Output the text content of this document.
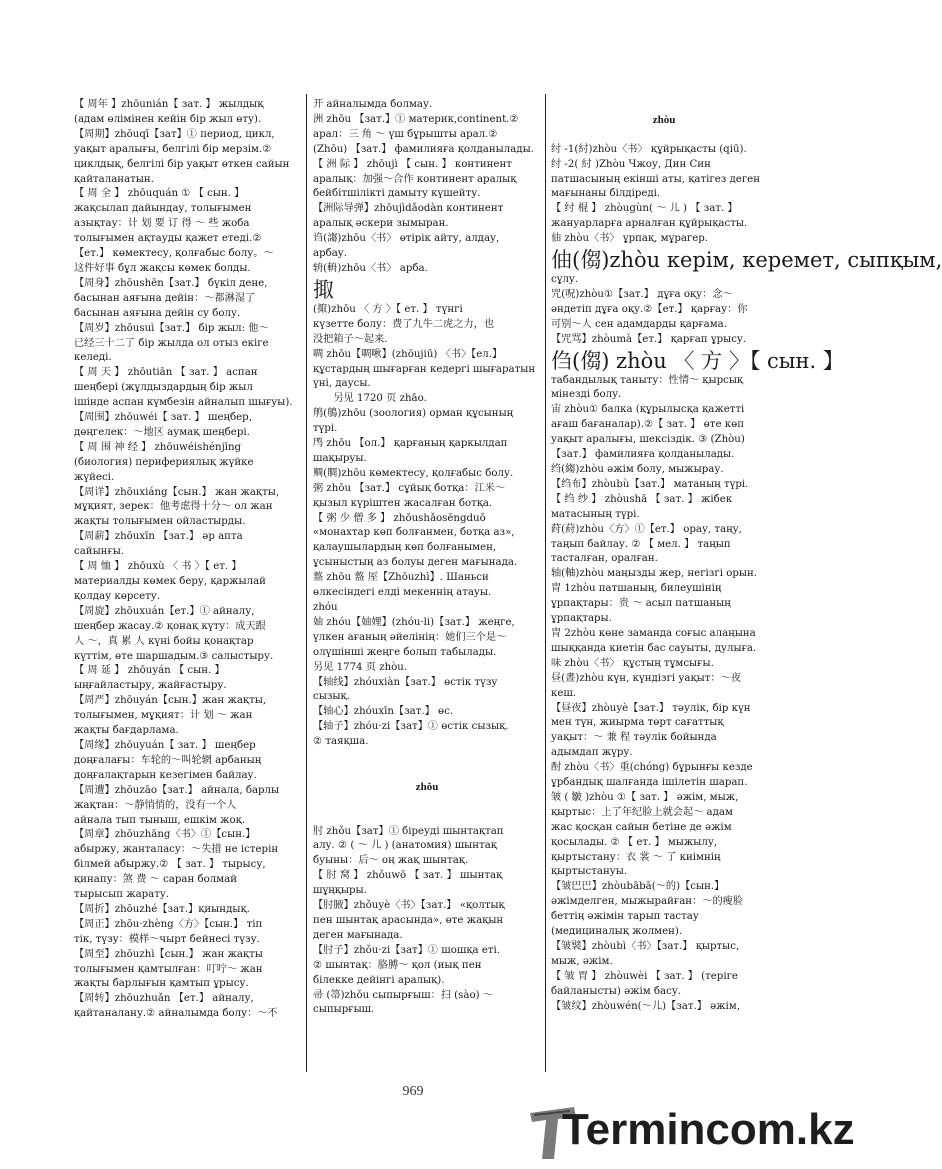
【 周年 】zhōunián【 зат. 】 жылдық
(адам өлімінен кейін бір жыл өту).
【周期】zhōuqī【зат】① период, цикл,
уақыт аралығы, белгілі бір мерзім.②
циклдық, белгілі бір уақыт өткен сайын
қайталанатын.
【 周 全 】 zhōuquán ① 【 сын. 】
жақсылап дайындау, толығымен
азықтау：计 划 要 订 得 ～ 些 жоба
толығымен ақтауды қажет етеді.②
【ет.】 көмектесу, қолғабыс болу。～
这件好事 бұл жақсы көмек болды.
【周身】zhōushēn【зат.】 бүкіл дене,
басынан аяғына дейін：～都淋湿了
басынан аяғына дейін су болу.
【周岁】zhōusuì【зат.】 бір жыл: 他～
已经三十二了 бір жылда ол отыз екіге
келеді.
【 周 天 】 zhōutiān 【 зат. 】 аспан
шеңбері (жұлдыздардың бір жыл
ішінде аспан күмбезін айналып шығуы).
【周围】zhōuwéi【 зат. 】 шеңбер,
дөңгелек：～地区 аумақ шеңбері.
【 周 围 神 经 】 zhōuwéishénjīng
(биология) перифериялық жүйке
жүйесі.
【周详】zhōuxiáng【сын.】 жан жақты,
мұқият, зерек：他考虑得十分～ ол жан
жақты толығымен ойластырды.
【周薪】zhōuxīn 【зат.】 әр апта
сайынғы.
【 周 恤 】 zhōuxù 〈 书 〉【 ет. 】
материалды көмек беру, қаржылай
қолдау көрсету.
【周旋】zhōuxuán【ет.】① айналу,
шеңбер жасау.② қонақ күту：成天跟
人 ～，真 累 人 күні бойы қонақтар
күттім, өте шаршадым.③ салыстыру.
【 周 延 】 zhōuyán 【 сын. 】
ыңғайластыру, жайғастыру.
【周严】zhōuyán【сын.】жан жақты,
толығымен, мұқият：计 划 ～ жан
жақты бағдарлама.
【周缘】zhōuyuán【 зат. 】 шеңбер
доңғалағы：车轮的～叫轮辋 арбаның
доңғалақтарын кезегімен байлау.
【周遭】zhōuzāo【зат.】 айнала, барлы
жақтан：～静悄悄的，没有一个人
айнала тып тыныш, ешкім жоқ.
【周章】zhōuzhāng〈书〉①【сын.】
абыржу, жанталасу：～失措 не істерін
білмей абыржу.② 【 зат. 】 тырысу,
қинапу：煞 费 ～ саран болмай
тырысып жарату.
【周折】zhōuzhé【зат.】қиындық.
【周正】zhōu·zhèng〈方〉【сын.】 тіп
тік, түзу：模样～чырт бейнесі түзу.
【周至】zhōuzhì【сын.】 жан жақты
толығымен қамтылған：叮咛～ жан
жақты барлығын қамтып ұрысу.
【周转】zhōuzhuǎn 【ет.】 айналу,
қайтаналану.② айналымда болу：～不
开 айналымда болмау.
洲 zhōu 【зат.】① материк,continent.②
арал：三 角 ～ үш бұрышты арал.②
(Zhōu) 【зат.】 фамилияға қолданылады.
【 洲 际 】 zhōujì 【 сын. 】 континент
аралық：加强～合作 континент аралық
бейбітшілікті дамыту күшейту.
【洲际导弹】zhōujìdǎodàn континент
аралық әскери зымыран.
诌(謅)zhōu〈书〉 өтірік айту, алдау,
арбау.
辀(輈)zhōu〈书〉 арба.
掫
(掫)zhōu 〈 方 〉【 ет. 】 түнгі
күзетте болу：费了九牛二虎之力，也
没把箱子～起来.
啁 zhōu【啁啾】(zhōujiū) 〈书〉【ел.】
құстардың шығарған кедергі шығаратын
үні, даусы.
　　另见 1720 页 zhāo.
鸼(鵃)zhōu (зоология) орман құсының
түрі.
鸤 zhōu 【ол.】 қарғаның қаркылдап
шақыруы.
赒(賙)zhōu көмектесу, қолғабыс болу.
粥 zhōu 【зат.】 сұйық ботқа：江米～
қызыл күріштен жасалған ботқа.
【 粥 少 僧 多 】 zhōushǎosēngduō
«монахтар көп болғанмен, ботқа аз»,
қалаушылардың көп болғанымен,
ұсыныстың аз болуы деген мағынада.
盩 zhōu 盩 厔【Zhōuzhì】. Шаньси
өлкесіндегі елді мекеннің атауы.
zhóu
妯 zhóu【妯娌】(zhóu·li)【зат.】 жеңге,
үлкен ағаның әйелінің：她们三个是～
олүшінші жеңге болып табылады.
另见 1774 页 zhòu.
【轴线】zhóuxiàn【зат.】 өстік түзу
сызық.
【轴心】zhóuxīn【зат.】 өс.
【轴子】zhóu·zi【зат】① өстік сызық.
② таяқша.
zhǒu
肘 zhǒu【зат】① біреуді шынтақтап
алу. ② ( ～ 儿 ) (анатомия) шынтақ
буыны：后～ оң жақ шынтақ.
【 肘 窝 】 zhǒuwō 【 зат. 】 шынтақ
шұңқыры.
【肘腋】zhǒuyè〈书〉【зат.】 «қолтық
пен шынтақ арасында», өте жақын
деген мағынада.
【肘子】zhǒu·zi【зат】① шошқа еті.
② шынтақ：胳膊～ қол (иық пен
білекке дейінгі аралық).
帚 (箒)zhǒu сыпырғыш：扫 (sào) ～
сыпырғыш.
zhòu
纣 -1(紂)zhòu〈书〉 құйрықасты (qiū).
纣 -2( 紂 )Zhòu Чжоу, Дин Син
патшасының екінші аты, қатігез деген
мағынаны білдіреді.
【 纣 棍 】 zhòugùn( ～ 儿 ) 【 зат. 】
жануарларға арналған құйрықасты.
伷 zhòu〈书〉 ұрпақ, мұрагер.
伷(㑳)zhòu керім, керемет, сыпқым,
сұлу.
咒(呪)zhòu①【зат.】 дұға оқу：念～
әндетіп дұға оқу.②【ет.】 қарғау：你
可别～人 сен адамдарды қарғама.
【咒骂】zhòumà【ет.】 қарғап ұрысу.
㑇(㑳) zhòu 〈 方 〉【 сын. 】
табандылық таныту：性情～ қырсық
мінезді болу.
宙 zhòu① балка (құрылысқа қажетті
ағаш бағаналар).②【 зат. 】 өте көп
уақыт аралығы, шексіздік. ③ (Zhòu)
【зат.】 фамилияға қолданылады.
绉(縐)zhòu әжім болу, мыжырау.
【绉布】zhòubù【зат.】 матаның түрі.
【 绉 纱 】 zhòushā 【 зат. 】 жібек
матасының түрі.
荮(葤)zhòu〈方〉①【ет.】 орау, таңу,
таңып байлау. ② 【 мел. 】 таңып
тасталған, оралған.
轴(軸)zhòu маңызды жер, негізгі орын.
胄 1zhòu патшаның, билеушінің
ұрпақтары：贵 ～ асыл патшаның
ұрпақтары.
胄 2zhòu көне заманда соғыс алаңына
шыққанда киетін бас сауыты, дулыға.
味 zhòu〈书〉 құстың тұмсығы.
昼(晝)zhòu күн, күндізгі уақыт：～夜
кеш.
【昼夜】zhòuyè【зат.】 тәулік, бір күн
мен түн, жиырма төрт сағаттық
уақыт：～ 兼 程 тәулік бойында
адымдап жүру.
酎 zhòu〈书〉重(chóng) бұрынғы кезде
ұрбандық шалғанда ішілетін шарап.
皱 ( 皺 )zhòu ①【 зат. 】 әжім, мыж,
қыртыс：上了年纪脸上就会起～ адам
жас қосқан сайын бетіне де әжім
қосылады. ② 【 ет. 】 мыжылу,
қыртыстану：衣 裳 ～ 了 киімнің
қыртыстануы.
【皱巴巴】zhòubābā(～的)【сын.】
әжімделген, мыжырайған：～的瘦脸
беттің әжімін тарып тастау
(медициналық жолмен).
【皱襞】zhòubì〈书〉【зат.】 қыртыс,
мыж, әжім.
【 皱 胃 】 zhòuwèi 【 зат. 】 (теріге
байланысты) әжім басу.
【皱纹】zhòuwén(～儿)【зат.】 әжім,
969
Termincom.kz
